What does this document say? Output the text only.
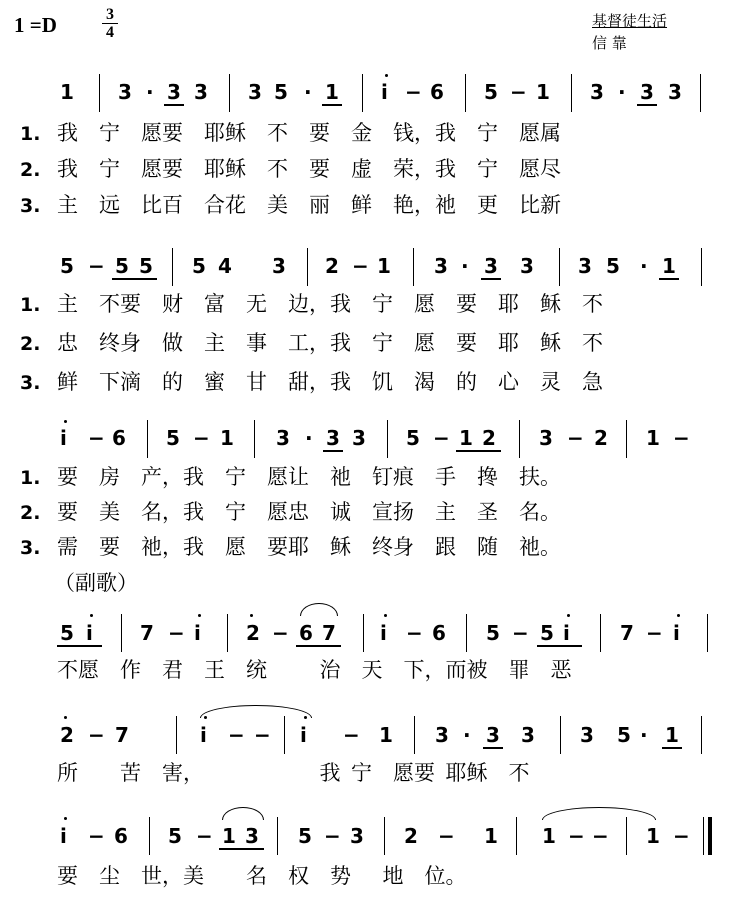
1 =D	3
4
基督徒生活
信 靠
1 3 · 3 3 3 5 · 1 i − 6 5 − 1 3 · 3 3
1. 我  宁  愿要  耶稣  不  要  金  钱，我  宁  愿属
2. 我  宁  愿要  耶稣  不  要  虚  荣，我  宁  愿尽
3. 主  远  比百  合花  美  丽  鲜  艳，祂  更  比新
5 − 5 5 5 4 3 2 − 1 3 · 3 3 3 5 · 1
1. 主  不要  财  富  无  边，我  宁  愿  要  耶  稣  不
2. 忠  终身  做  主  事  工，我  宁  愿  要  耶  稣  不
3. 鲜  下滴  的  蜜  甘  甜，我  饥  渴  的  心  灵  急
i − 6 5 − 1 3 · 3 3 5 − 1 2 3 − 2 1 −
1. 要  房  产，我  宁  愿让  祂  钉痕  手  搀  扶。
2. 要  美  名，我  宁  愿忠  诚  宣扬  主  圣  名。
3. 需  要  祂，我  愿  要耶  稣  终身  跟  随  祂。
（副歌）
5 i 7 − i 2 − 6 7 i − 6 5 − 5 i	7 − i
不愿  作  君  王  统   治  天  下，而被  罪  恶
2 − 7	i − − i − 1 3 · 3 3 3 5 · 1
所  苦  害，      我 宁  愿要 耶稣  不
i − 6 5 − 1 3 5 − 3 2 − 1 1 − − 1 −
要  尘  世，美  名  权  势  地  位。
